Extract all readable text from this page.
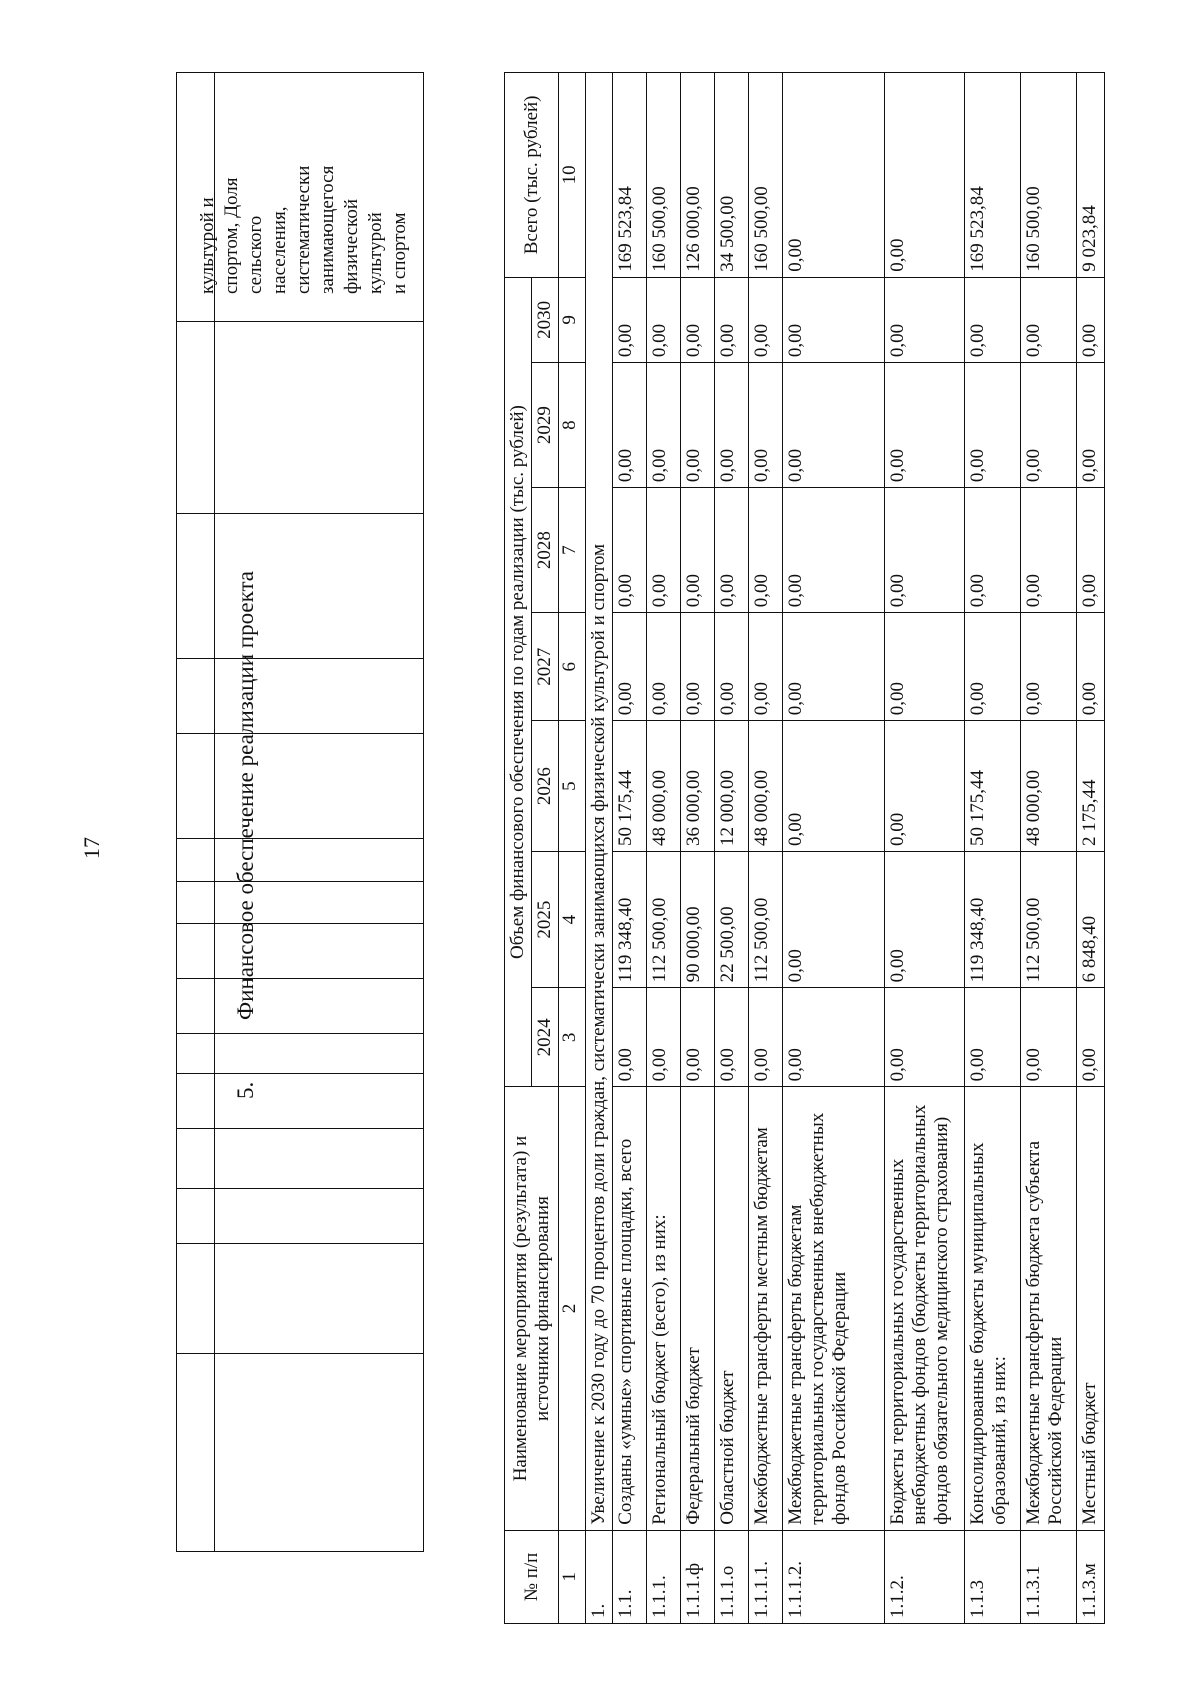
17
культурой и спортом, Доля сельского населения, систематически занимающегося физической культурой и спортом
5. Финансовое обеспечение реализации проекта
№ п/п	Наименование мероприятия (результата) и источники финансирования	Объем финансового обеспечения по годам реализации (тыс. рублей)							Всего (тыс. рублей)
		2024	2025	2026	2027	2028	2029	2030	
1	2	3	4	5	6	7	8	9	10
1.	Увеличение к 2030 году до 70 процентов доли граждан, систематически занимающихся физической культурой и спортом								
1.1.	Созданы «умные» спортивные площадки, всего	0,00	119 348,40	50 175,44	0,00	0,00	0,00	0,00	169 523,84
1.1.1.	Региональный бюджет (всего), из них:	0,00	112 500,00	48 000,00	0,00	0,00	0,00	0,00	160 500,00
1.1.1.ф	Федеральный бюджет	0,00	90 000,00	36 000,00	0,00	0,00	0,00	0,00	126 000,00
1.1.1.о	Областной бюджет	0,00	22 500,00	12 000,00	0,00	0,00	0,00	0,00	34 500,00
1.1.1.1.	Межбюджетные трансферты местным бюджетам	0,00	112 500,00	48 000,00	0,00	0,00	0,00	0,00	160 500,00
1.1.1.2.	Межбюджетные трансферты бюджетам территориальных государственных внебюджетных фондов Российской Федерации	0,00	0,00	0,00	0,00	0,00	0,00	0,00	0,00
1.1.2.	Бюджеты территориальных государственных внебюджетных фондов (бюджеты территориальных фондов обязательного медицинского страхования)	0,00	0,00	0,00	0,00	0,00	0,00	0,00	0,00
1.1.3	Консолидированные бюджеты муниципальных образований, из них:	0,00	119 348,40	50 175,44	0,00	0,00	0,00	0,00	169 523,84
1.1.3.1	Межбюджетные трансферты бюджета субъекта Российской Федерации	0,00	112 500,00	48 000,00	0,00	0,00	0,00	0,00	160 500,00
1.1.3.м	Местный бюджет	0,00	6 848,40	2 175,44	0,00	0,00	0,00	0,00	9 023,84
